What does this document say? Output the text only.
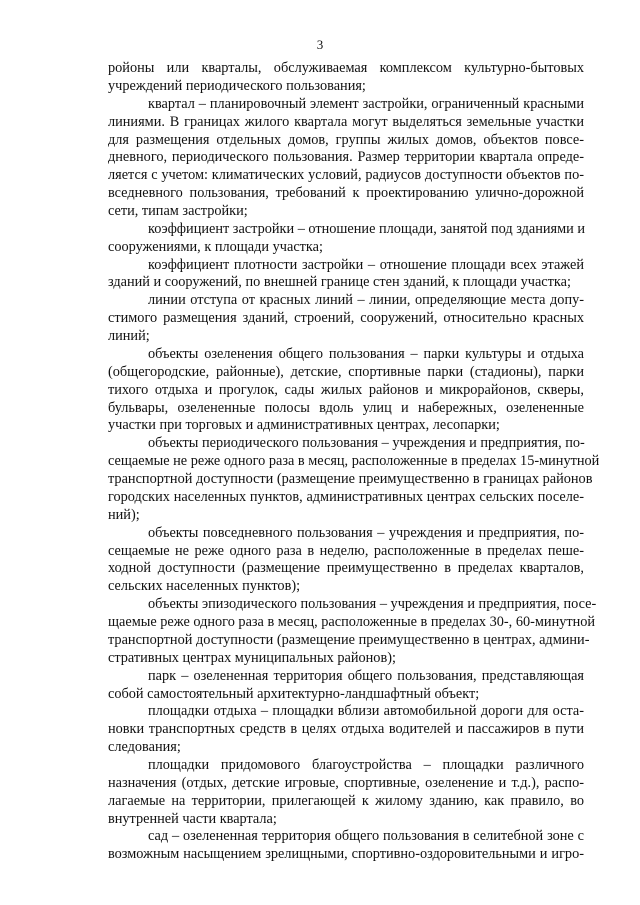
3
ройоны или кварталы, обслуживаемая комплексом культурно-бытовых
учреждений периодического пользования;
квартал – планировочный элемент застройки, ограниченный красными
линиями. В границах жилого квартала могут выделяться земельные участки
для размещения отдельных домов, группы жилых домов, объектов повсе-
дневного, периодического пользования. Размер территории квартала опреде-
ляется с учетом: климатических условий, радиусов доступности объектов по-
вседневного пользования, требований к проектированию улично-дорожной
сети, типам застройки;
коэффициент застройки – отношение площади, занятой под зданиями и
сооружениями, к площади участка;
коэффициент плотности застройки – отношение площади всех этажей
зданий и сооружений, по внешней границе стен зданий, к площади участка;
линии отступа от красных линий – линии, определяющие места допу-
стимого размещения зданий, строений, сооружений, относительно красных
линий;
объекты озеленения общего пользования – парки культуры и отдыха
(общегородские, районные), детские, спортивные парки (стадионы), парки
тихого отдыха и прогулок, сады жилых районов и микрорайонов, скверы,
бульвары, озелененные полосы вдоль улиц и набережных, озелененные
участки при торговых и административных центрах, лесопарки;
объекты периодического пользования – учреждения и предприятия, по-
сещаемые не реже одного раза в месяц, расположенные в пределах 15-минутной
транспортной доступности (размещение преимущественно в границах районов
городских населенных пунктов, административных центрах сельских поселе-
ний);
объекты повседневного пользования – учреждения и предприятия, по-
сещаемые не реже одного раза в неделю, расположенные в пределах пеше-
ходной доступности (размещение преимущественно в пределах кварталов,
сельских населенных пунктов);
объекты эпизодического пользования – учреждения и предприятия, посе-
щаемые реже одного раза в месяц, расположенные в пределах 30-, 60-минутной
транспортной доступности (размещение преимущественно в центрах, админи-
стративных центрах муниципальных районов);
парк – озелененная территория общего пользования, представляющая
собой самостоятельный архитектурно-ландшафтный объект;
площадки отдыха – площадки вблизи автомобильной дороги для оста-
новки транспортных средств в целях отдыха водителей и пассажиров в пути
следования;
площадки придомового благоустройства – площадки различного
назначения (отдых, детские игровые, спортивные, озеленение и т.д.), распо-
лагаемые на территории, прилегающей к жилому зданию, как правило, во
внутренней части квартала;
сад – озелененная территория общего пользования в селитебной зоне с
возможным насыщением зрелищными, спортивно-оздоровительными и игро-
